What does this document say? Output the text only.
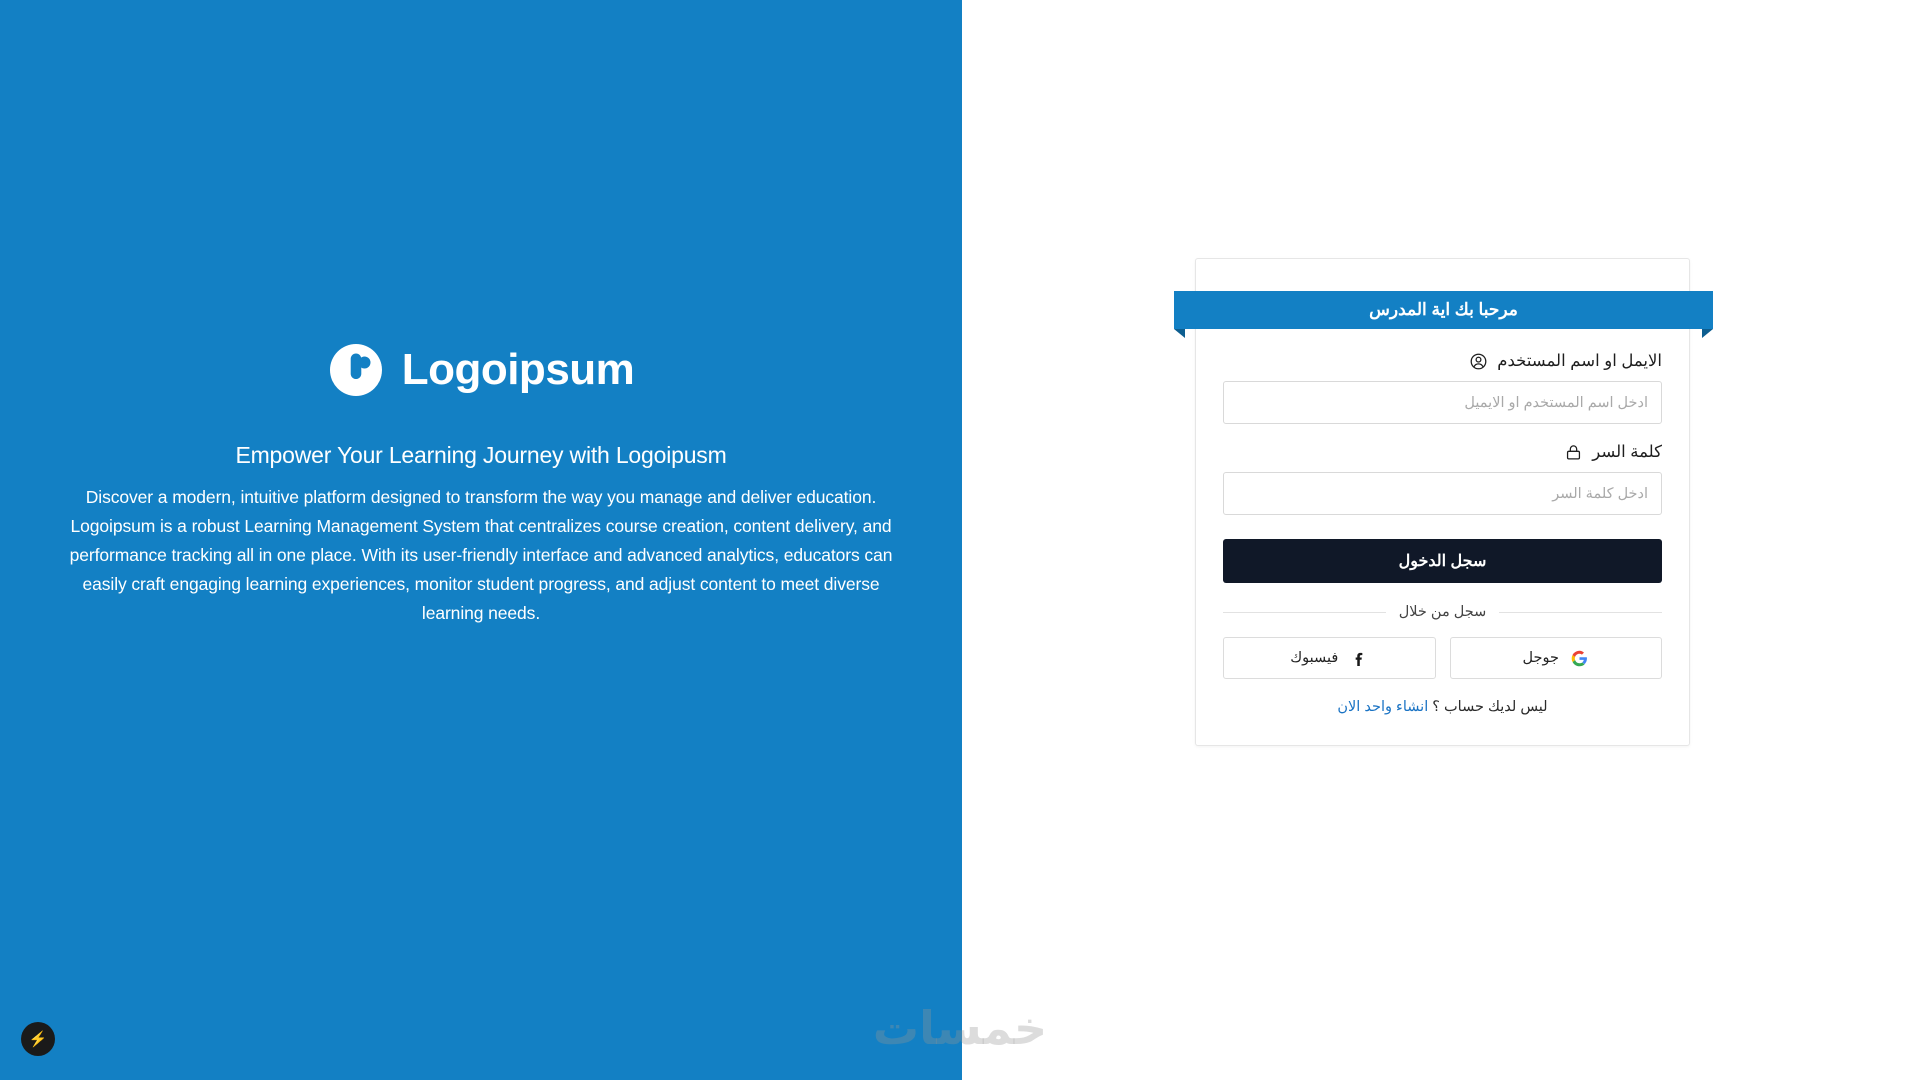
Logoipsum
Empower Your Learning Journey with Logoipusm
Discover a modern, intuitive platform designed to transform the way you manage and deliver education. Logoipsum is a robust Learning Management System that centralizes course creation, content delivery, and performance tracking all in one place. With its user-friendly interface and advanced analytics, educators can easily craft engaging learning experiences, monitor student progress, and adjust content to meet diverse learning needs.
مرحبا بك اية المدرس
الايمل او اسم المستخدم
ادخل اسم المستخدم او الايميل
كلمة السر
سجل الدخول
سجل من خلال
جوجل
فيسبوك
ليس لديك حساب ؟ انشاء واحد الان
⚡	خمسات
